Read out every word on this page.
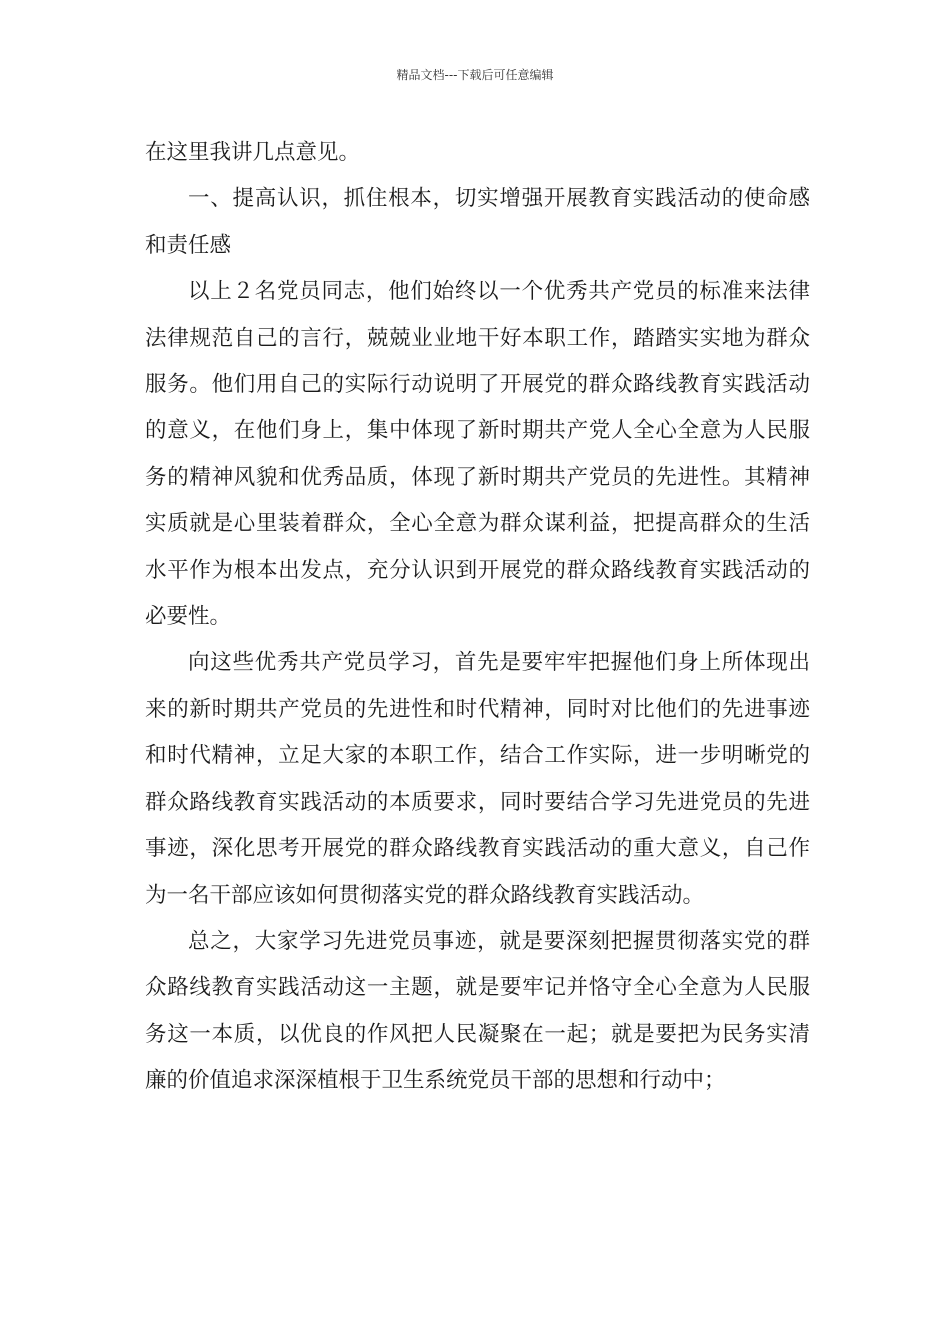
精品文档---下载后可任意编辑

在这里我讲几点意见。

一、提高认识，抓住根本，切实增强开展教育实践活动的使命感和责任感

以上２名党员同志，他们始终以一个优秀共产党员的标准来法律法律规范自己的言行，兢兢业业地干好本职工作，踏踏实实地为群众服务。他们用自己的实际行动说明了开展党的群众路线教育实践活动的意义，在他们身上，集中体现了新时期共产党人全心全意为人民服务的精神风貌和优秀品质，体现了新时期共产党员的先进性。其精神实质就是心里装着群众，全心全意为群众谋利益，把提高群众的生活水平作为根本出发点，充分认识到开展党的群众路线教育实践活动的必要性。

向这些优秀共产党员学习，首先是要牢牢把握他们身上所体现出来的新时期共产党员的先进性和时代精神，同时对比他们的先进事迹和时代精神，立足大家的本职工作，结合工作实际，进一步明晰党的群众路线教育实践活动的本质要求，同时要结合学习先进党员的先进事迹，深化思考开展党的群众路线教育实践活动的重大意义，自己作为一名干部应该如何贯彻落实党的群众路线教育实践活动。

总之，大家学习先进党员事迹，就是要深刻把握贯彻落实党的群众路线教育实践活动这一主题，就是要牢记并恪守全心全意为人民服务这一本质，以优良的作风把人民凝聚在一起；就是要把为民务实清廉的价值追求深深植根于卫生系统党员干部的思想和行动中；
